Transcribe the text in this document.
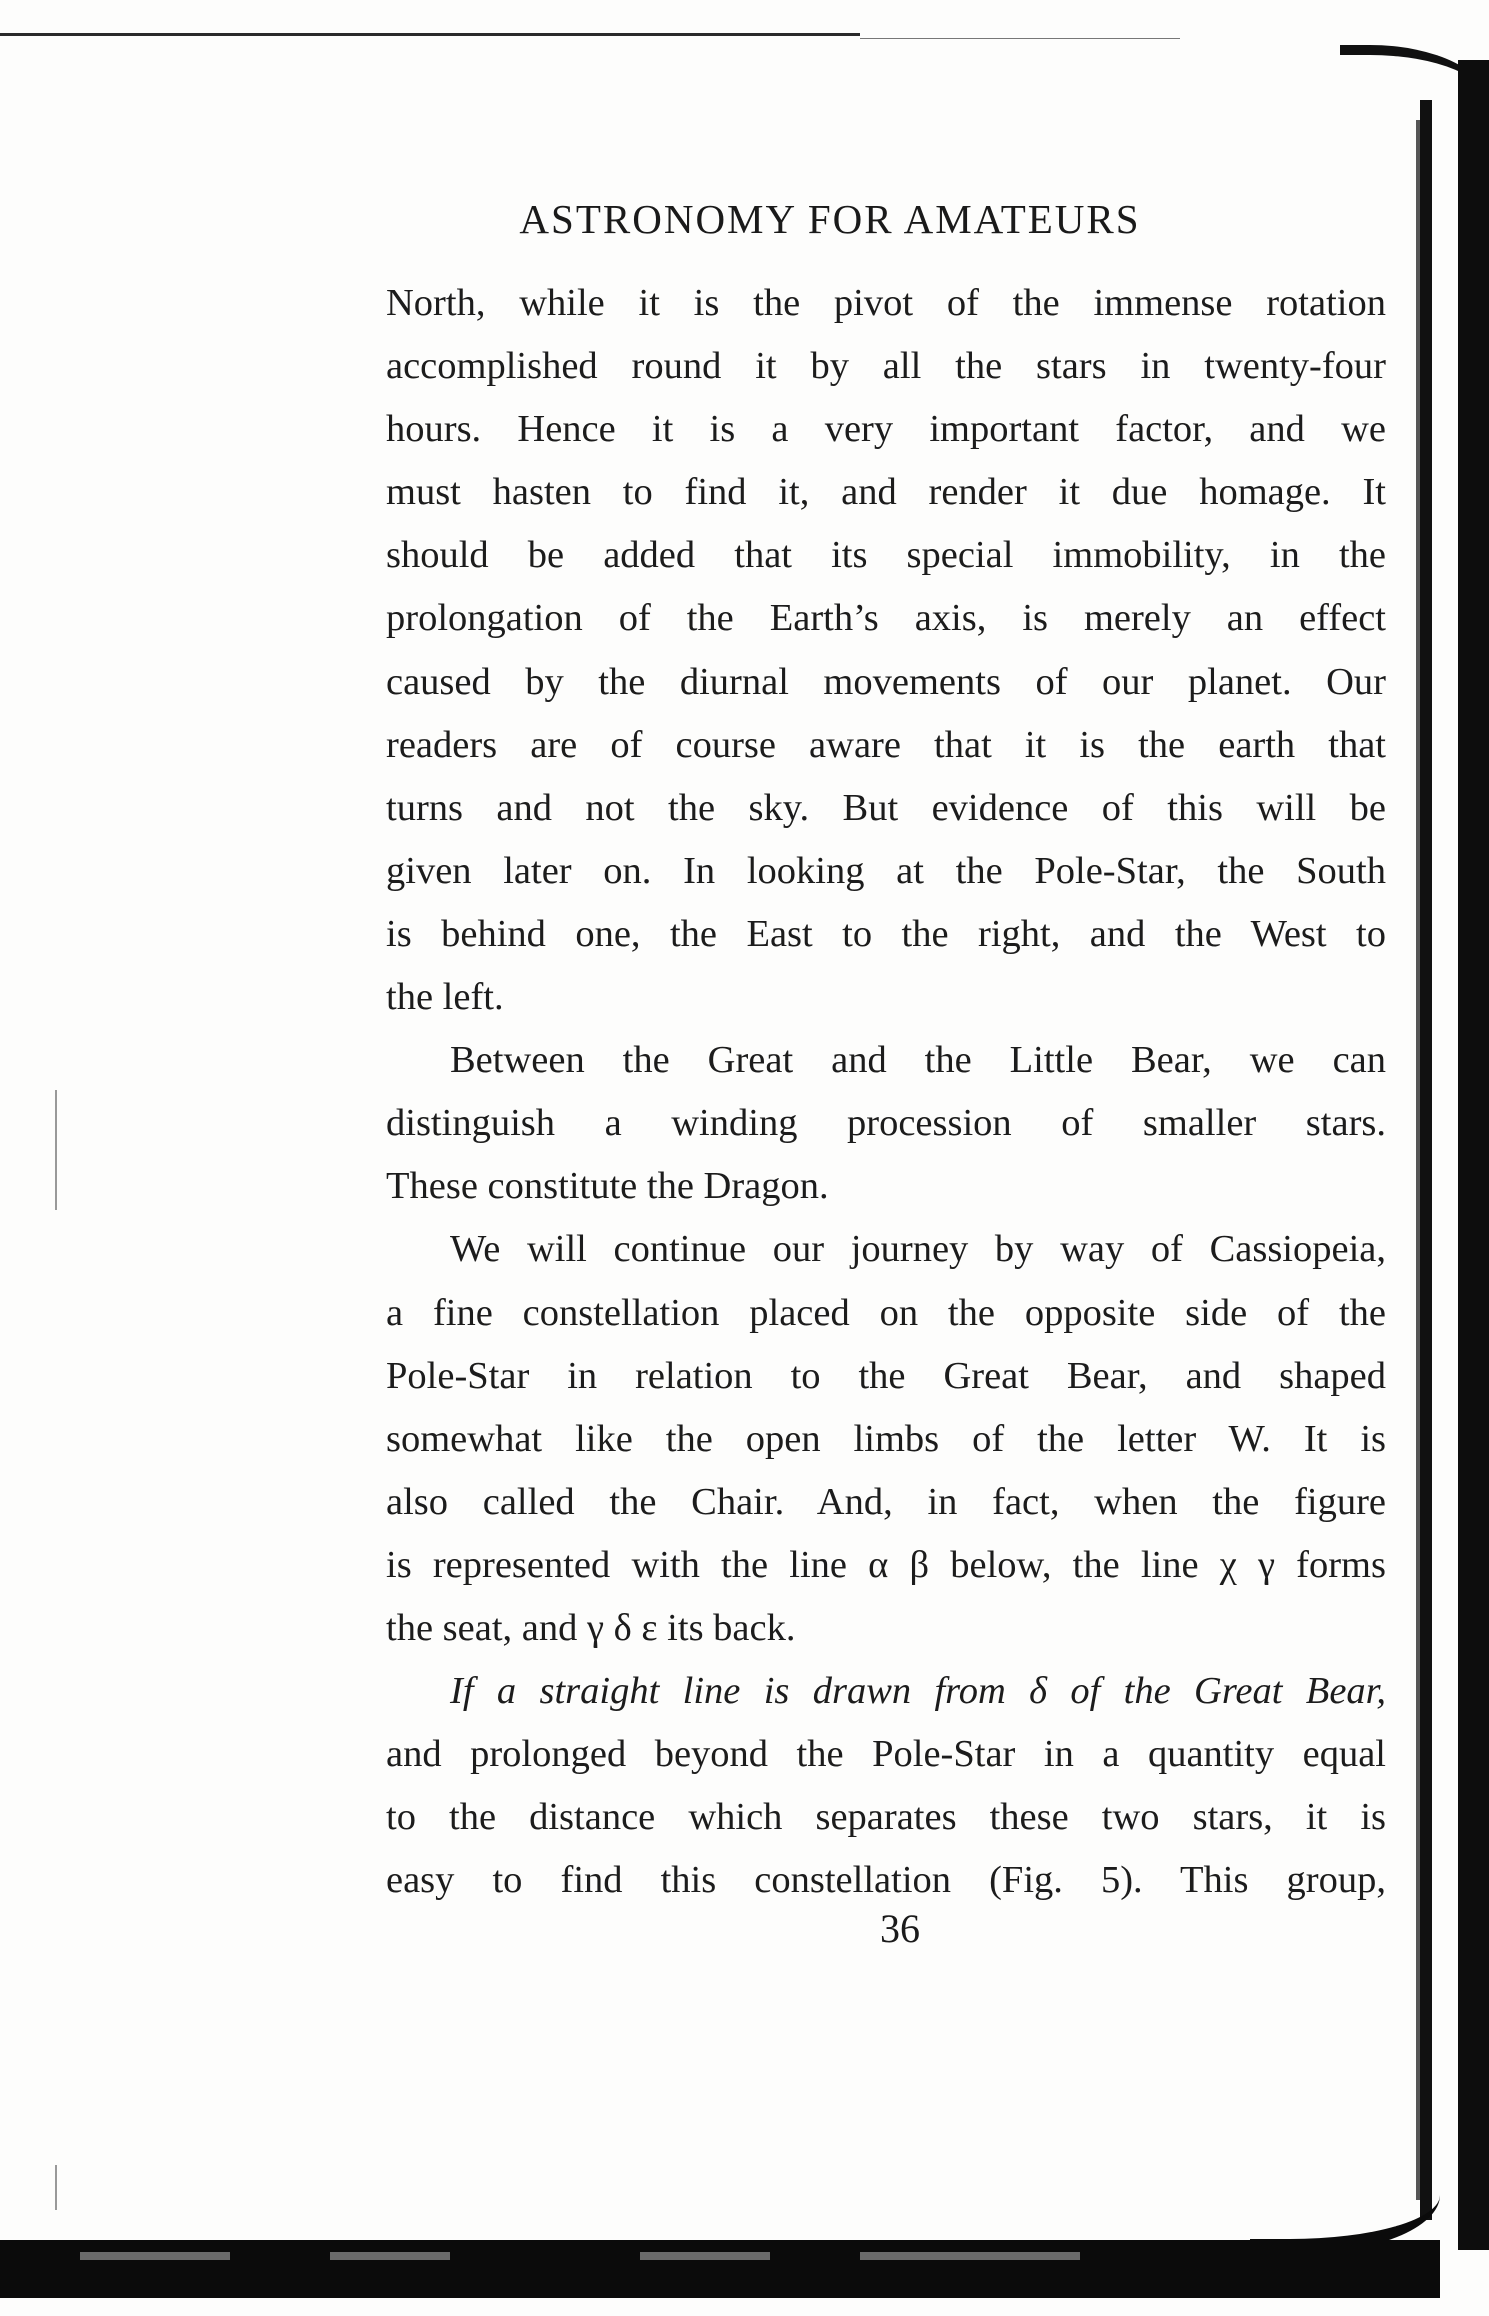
ASTRONOMY FOR AMATEURS
North, while it is the pivot of the immense rotation
accomplished round it by all the stars in twenty-four
hours. Hence it is a very important factor, and we
must hasten to find it, and render it due homage. It
should be added that its special immobility, in the
prolongation of the Earth’s axis, is merely an effect
caused by the diurnal movements of our planet. Our
readers are of course aware that it is the earth that
turns and not the sky. But evidence of this will be
given later on. In looking at the Pole-Star, the South
is behind one, the East to the right, and the West to
the left.
Between the Great and the Little Bear, we can
distinguish a winding procession of smaller stars.
These constitute the Dragon.
We will continue our journey by way of Cassiopeia,
a fine constellation placed on the opposite side of the
Pole-Star in relation to the Great Bear, and shaped
somewhat like the open limbs of the letter W. It is
also called the Chair. And, in fact, when the figure
is represented with the line α β below, the line χ γ forms
the seat, and γ δ ε its back.
If a straight line is drawn from δ of the Great Bear,
and prolonged beyond the Pole-Star in a quantity equal
to the distance which separates these two stars, it is
easy to find this constellation (Fig. 5). This group,
36
